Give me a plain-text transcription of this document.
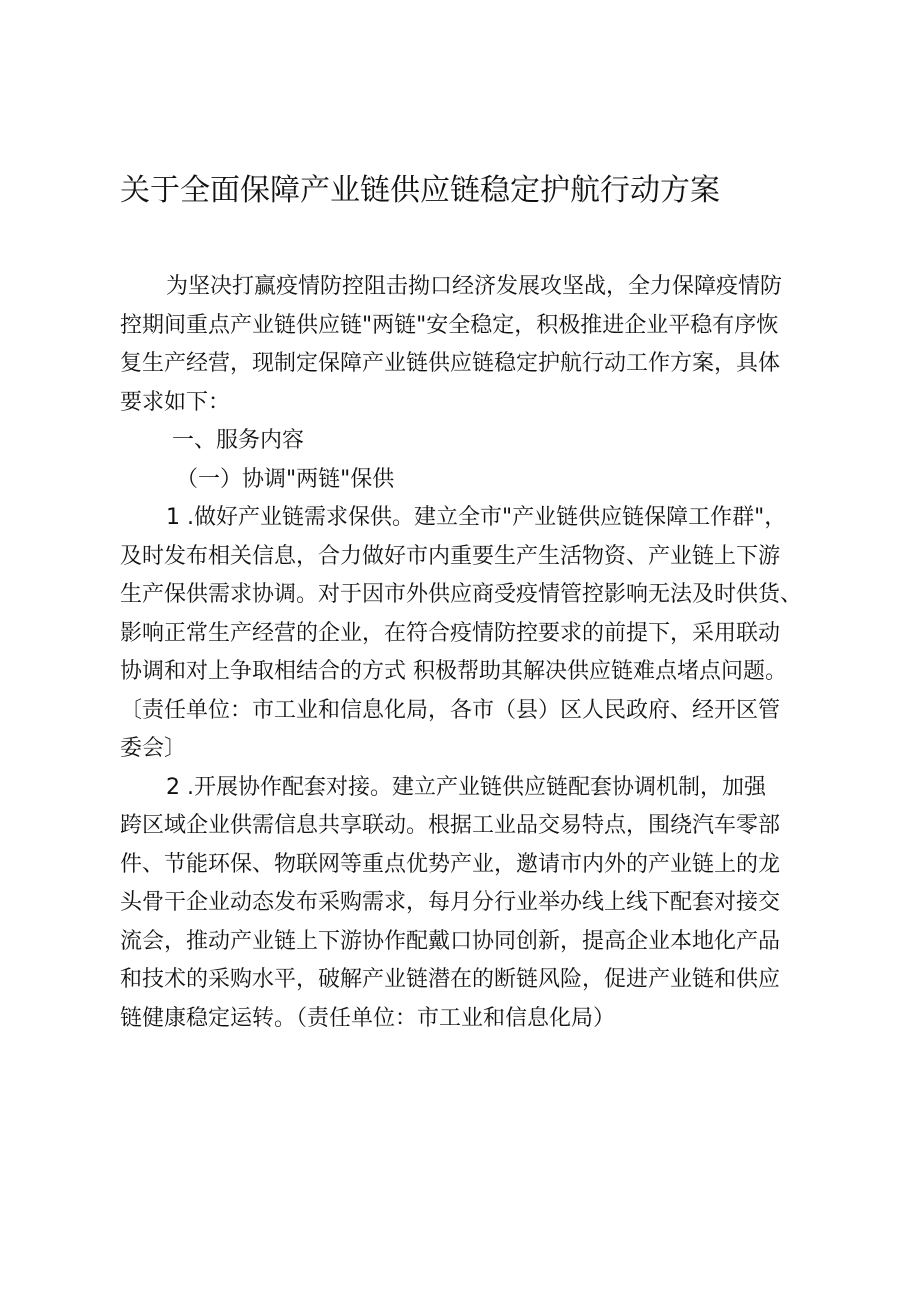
关于全面保障产业链供应链稳定护航行动方案

为坚决打赢疫情防控阻击拗口经济发展攻坚战，全力保障疫情防

控期间重点产业链供应链"两链"安全稳定，积极推进企业平稳有序恢

复生产经营，现制定保障产业链供应链稳定护航行动工作方案，具体

要求如下：

一、服务内容

（一）协调"两链"保供

1 .做好产业链需求保供。建立全市"产业链供应链保障工作群"，

及时发布相关信息，合力做好市内重要生产生活物资、产业链上下游

生产保供需求协调。对于因市外供应商受疫情管控影响无法及时供货、

影响正常生产经营的企业，在符合疫情防控要求的前提下，采用联动

协调和对上争取相结合的方式 积极帮助其解决供应链难点堵点问题。

〔责任单位：市工业和信息化局，各市（县）区人民政府、经开区管

委会〕

2 .开展协作配套对接。建立产业链供应链配套协调机制，加强

跨区域企业供需信息共享联动。根据工业品交易特点，围绕汽车零部

件、节能环保、物联网等重点优势产业，邀请市内外的产业链上的龙

头骨干企业动态发布采购需求，每月分行业举办线上线下配套对接交

流会，推动产业链上下游协作配戴口协同创新，提高企业本地化产品

和技术的采购水平，破解产业链潜在的断链风险，促进产业链和供应

链健康稳定运转。（责任单位：市工业和信息化局）
